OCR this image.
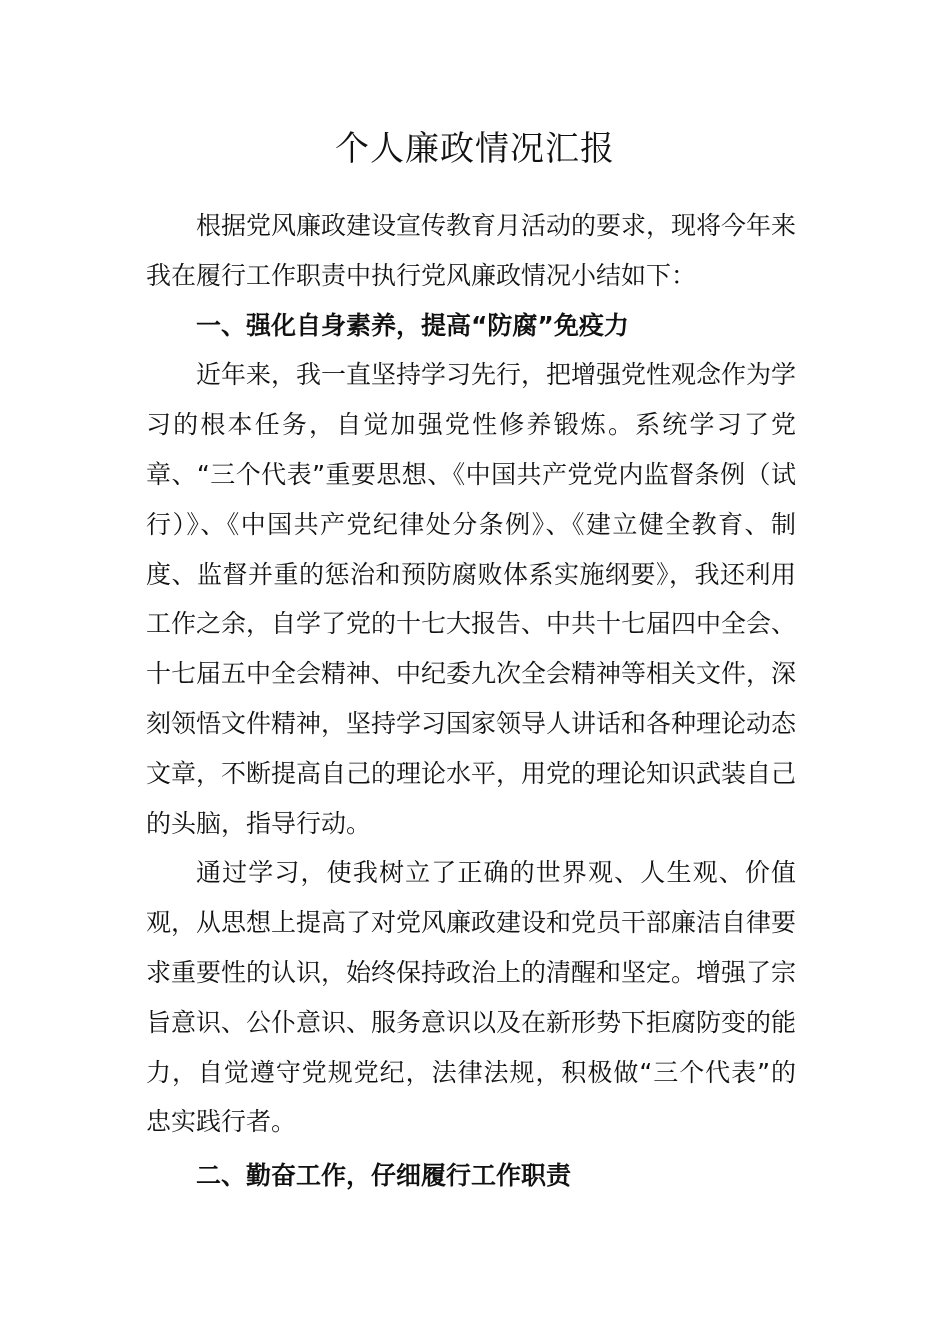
个人廉政情况汇报

根据党风廉政建设宣传教育月活动的要求，现将今年来我在履行工作职责中执行党风廉政情况小结如下：

一、强化自身素养，提高“防腐”免疫力

近年来，我一直坚持学习先行，把增强党性观念作为学习的根本任务，自觉加强党性修养锻炼。系统学习了党章、“三个代表”重要思想、《中国共产党党内监督条例（试行）》、《中国共产党纪律处分条例》、《建立健全教育、制度、监督并重的惩治和预防腐败体系实施纲要》，我还利用工作之余，自学了党的十七大报告、中共十七届四中全会、十七届五中全会精神、中纪委九次全会精神等相关文件，深刻领悟文件精神，坚持学习国家领导人讲话和各种理论动态文章，不断提高自己的理论水平，用党的理论知识武装自己的头脑，指导行动。

通过学习，使我树立了正确的世界观、人生观、价值观，从思想上提高了对党风廉政建设和党员干部廉洁自律要求重要性的认识，始终保持政治上的清醒和坚定。增强了宗旨意识、公仆意识、服务意识以及在新形势下拒腐防变的能力，自觉遵守党规党纪，法律法规，积极做“三个代表”的忠实践行者。

二、勤奋工作，仔细履行工作职责
